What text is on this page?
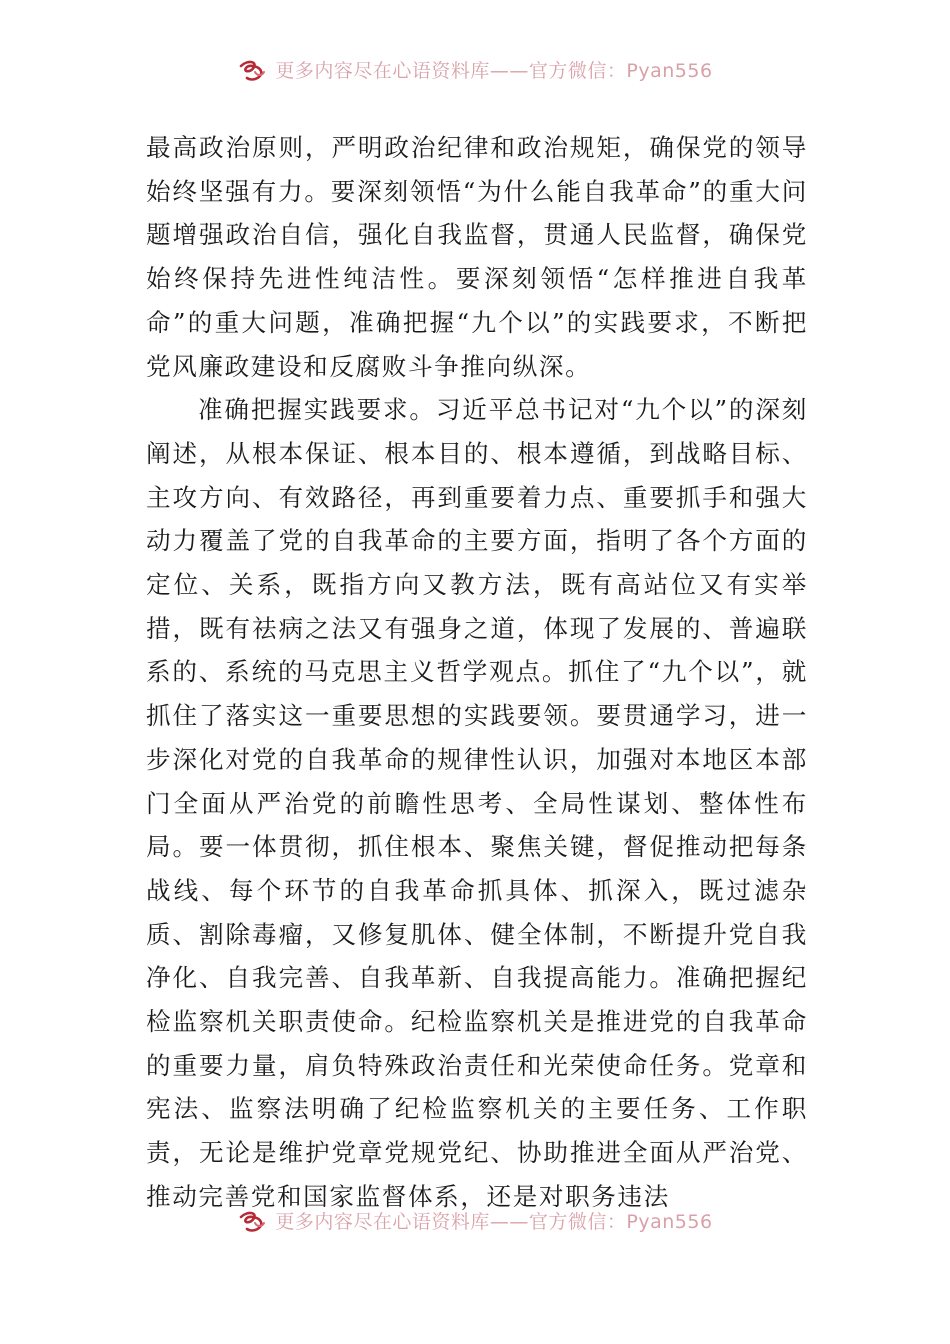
更多内容尽在心语资料库——官方微信：Pyan556

最高政治原则，严明政治纪律和政治规矩，确保党的领导始终坚强有力。要深刻领悟“为什么能自我革命”的重大问题增强政治自信，强化自我监督，贯通人民监督，确保党始终保持先进性纯洁性。要深刻领悟“怎样推进自我革命”的重大问题，准确把握“九个以”的实践要求，不断把党风廉政建设和反腐败斗争推向纵深。

准确把握实践要求。习近平总书记对“九个以”的深刻阐述，从根本保证、根本目的、根本遵循，到战略目标、主攻方向、有效路径，再到重要着力点、重要抓手和强大动力覆盖了党的自我革命的主要方面，指明了各个方面的定位、关系，既指方向又教方法，既有高站位又有实举措，既有祛病之法又有强身之道，体现了发展的、普遍联系的、系统的马克思主义哲学观点。抓住了“九个以”，就抓住了落实这一重要思想的实践要领。要贯通学习，进一步深化对党的自我革命的规律性认识，加强对本地区本部门全面从严治党的前瞻性思考、全局性谋划、整体性布局。要一体贯彻，抓住根本、聚焦关键，督促推动把每条战线、每个环节的自我革命抓具体、抓深入，既过滤杂质、割除毒瘤，又修复肌体、健全体制，不断提升党自我净化、自我完善、自我革新、自我提高能力。准确把握纪检监察机关职责使命。纪检监察机关是推进党的自我革命的重要力量，肩负特殊政治责任和光荣使命任务。党章和宪法、监察法明确了纪检监察机关的主要任务、工作职责，无论是维护党章党规党纪、协助推进全面从严治党、推动完善党和国家监督体系，还是对职务违法

更多内容尽在心语资料库——官方微信：Pyan556
